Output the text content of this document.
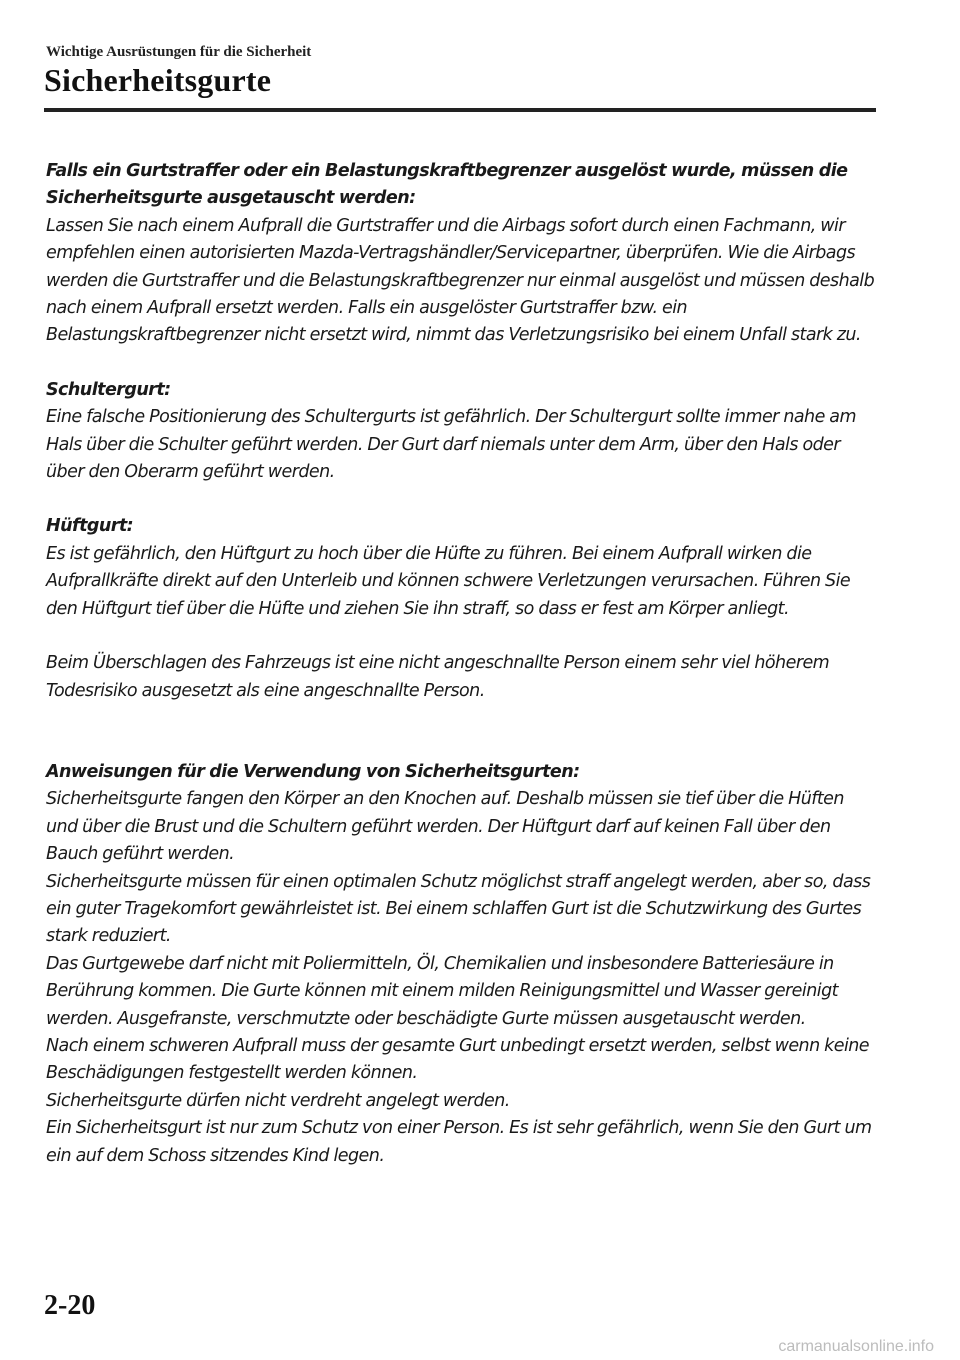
Wichtige Ausrüstungen für die Sicherheit
Sicherheitsgurte

Falls ein Gurtstraffer oder ein Belastungskraftbegrenzer ausgelöst wurde, müssen die Sicherheitsgurte ausgetauscht werden:

Lassen Sie nach einem Aufprall die Gurtstraffer und die Airbags sofort durch einen Fachmann, wir empfehlen einen autorisierten Mazda-Vertragshändler/Servicepartner, überprüfen. Wie die Airbags werden die Gurtstraffer und die Belastungskraftbegrenzer nur einmal ausgelöst und müssen deshalb nach einem Aufprall ersetzt werden. Falls ein ausgelöster Gurtstraffer bzw. ein Belastungskraftbegrenzer nicht ersetzt wird, nimmt das Verletzungsrisiko bei einem Unfall stark zu.

Schultergurt:

Eine falsche Positionierung des Schultergurts ist gefährlich. Der Schultergurt sollte immer nahe am Hals über die Schulter geführt werden. Der Gurt darf niemals unter dem Arm, über den Hals oder über den Oberarm geführt werden.

Hüftgurt:

Es ist gefährlich, den Hüftgurt zu hoch über die Hüfte zu führen. Bei einem Aufprall wirken die Aufprallkräfte direkt auf den Unterleib und können schwere Verletzungen verursachen. Führen Sie den Hüftgurt tief über die Hüfte und ziehen Sie ihn straff, so dass er fest am Körper anliegt.

Beim Überschlagen des Fahrzeugs ist eine nicht angeschnallte Person einem sehr viel höherem Todesrisiko ausgesetzt als eine angeschnallte Person.

Anweisungen für die Verwendung von Sicherheitsgurten:

Sicherheitsgurte fangen den Körper an den Knochen auf. Deshalb müssen sie tief über die Hüften und über die Brust und die Schultern geführt werden. Der Hüftgurt darf auf keinen Fall über den Bauch geführt werden.

Sicherheitsgurte müssen für einen optimalen Schutz möglichst straff angelegt werden, aber so, dass ein guter Tragekomfort gewährleistet ist. Bei einem schlaffen Gurt ist die Schutzwirkung des Gurtes stark reduziert.

Das Gurtgewebe darf nicht mit Poliermitteln, Öl, Chemikalien und insbesondere Batteriesäure in Berührung kommen. Die Gurte können mit einem milden Reinigungsmittel und Wasser gereinigt werden. Ausgefranste, verschmutzte oder beschädigte Gurte müssen ausgetauscht werden.

Nach einem schweren Aufprall muss der gesamte Gurt unbedingt ersetzt werden, selbst wenn keine Beschädigungen festgestellt werden können.

Sicherheitsgurte dürfen nicht verdreht angelegt werden.

Ein Sicherheitsgurt ist nur zum Schutz von einer Person. Es ist sehr gefährlich, wenn Sie den Gurt um ein auf dem Schoss sitzendes Kind legen.

2-20
carmanualsonline.info
